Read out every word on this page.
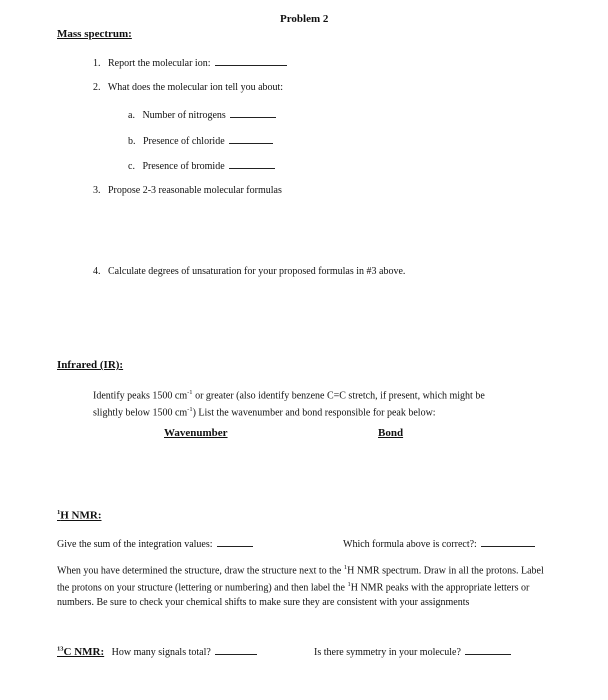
Problem 2
Mass spectrum:
1. Report the molecular ion:
2. What does the molecular ion tell you about:
a. Number of nitrogens
b. Presence of chloride
c. Presence of bromide
3. Propose 2-3 reasonable molecular formulas
4. Calculate degrees of unsaturation for your proposed formulas in #3 above.
Infrared (IR):
Identify peaks 1500 $cm^{-1}$ or greater (also identify benzene C=C stretch, if present, which might be slightly below 1500 $cm^{-1}$) List the wavenumber and bond responsible for peak below:
Wavenumber	Bond
$^1$H NMR:
Give the sum of the integration values:	Which formula above is correct?:
When you have determined the structure, draw the structure next to the $^1$H NMR spectrum. Draw in all the protons. Label the protons on your structure (lettering or numbering) and then label the $^1$H NMR peaks with the appropriate letters or numbers. Be sure to check your chemical shifts to make sure they are consistent with your assignments
$^{13}$C NMR: How many signals total?	Is there symmetry in your molecule?
